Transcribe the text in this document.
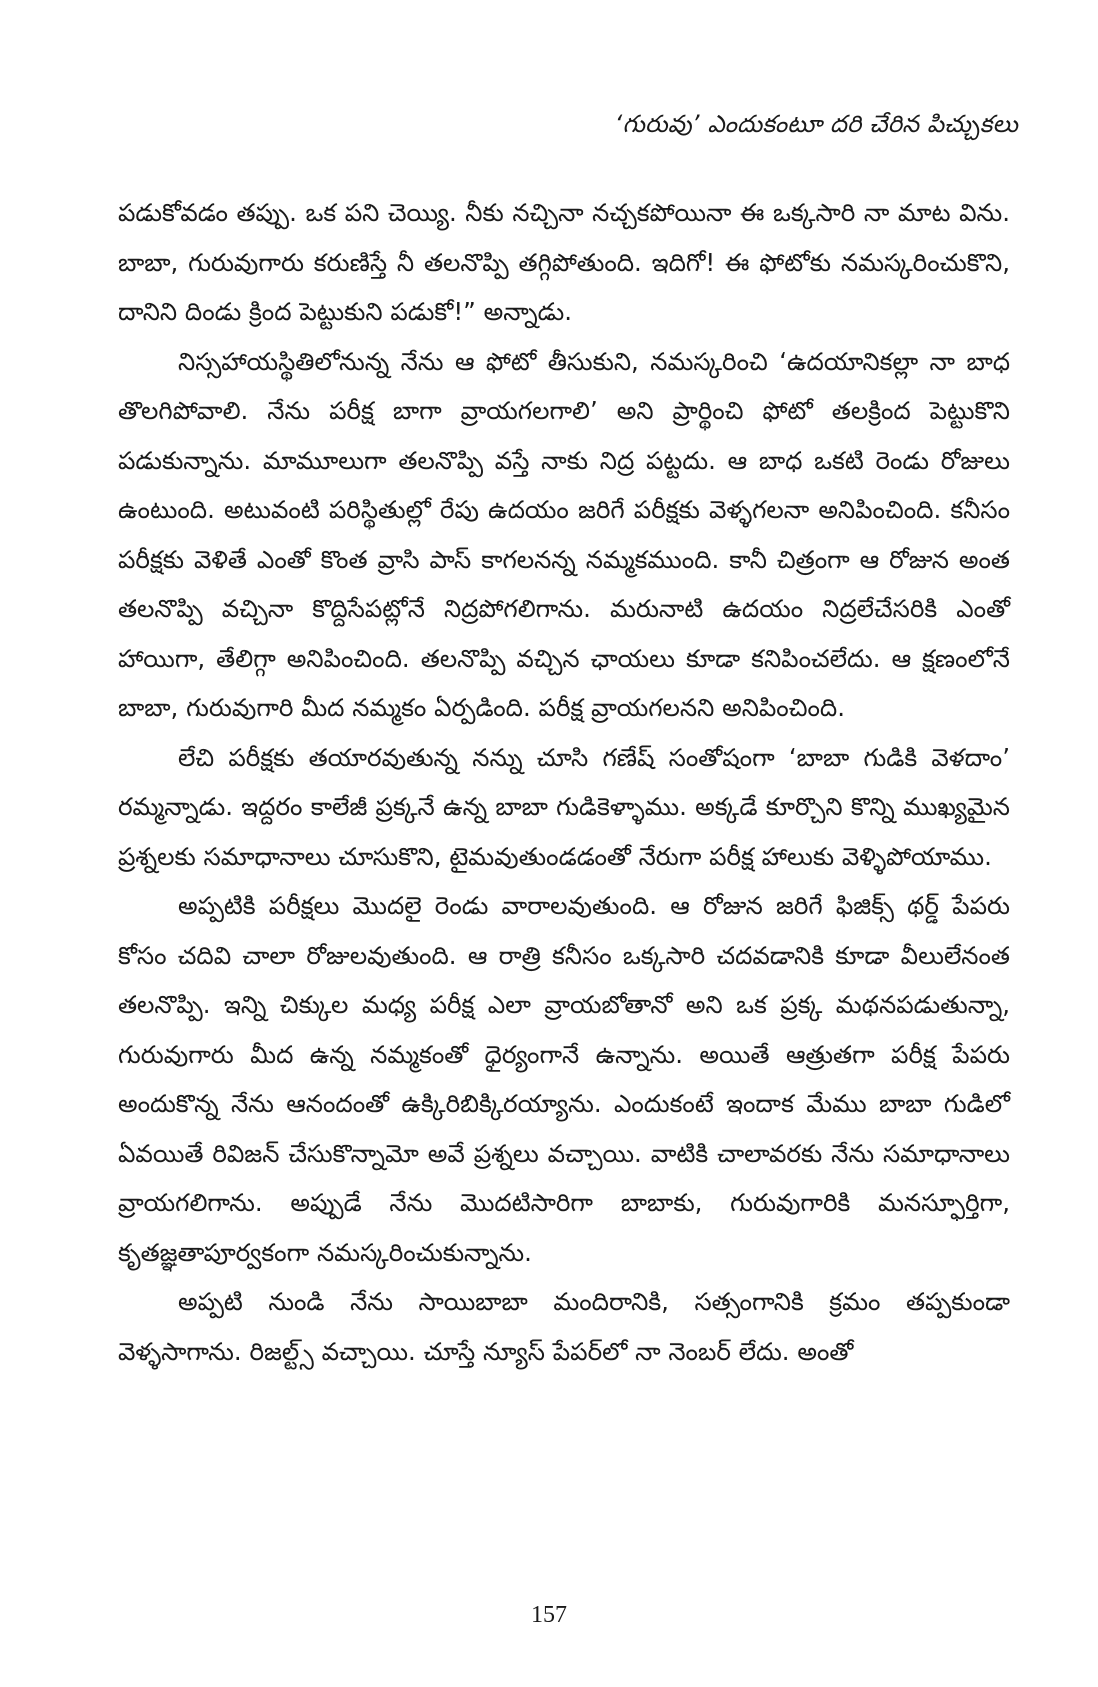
‘గురువు’ ఎందుకంటూ దరి చేరిన పిచ్చుకలు

పడుకోవడం తప్పు. ఒక పని చెయ్యి. నీకు నచ్చినా నచ్చకపోయినా ఈ ఒక్కసారి నా మాట విను. బాబా, గురువుగారు కరుణిస్తే నీ తలనొప్పి తగ్గిపోతుంది. ఇదిగో! ఈ ఫోటోకు నమస్కరించుకొని, దానిని దిండు క్రింద పెట్టుకుని పడుకో!” అన్నాడు.

నిస్సహాయస్థితిలోనున్న నేను ఆ ఫోటో తీసుకుని, నమస్కరించి ‘ఉదయానికల్లా నా బాధ తొలగిపోవాలి. నేను పరీక్ష బాగా వ్రాయగలగాలి’ అని ప్రార్థించి ఫోటో తలక్రింద పెట్టుకొని పడుకున్నాను. మామూలుగా తలనొప్పి వస్తే నాకు నిద్ర పట్టదు. ఆ బాధ ఒకటి రెండు రోజులు ఉంటుంది. అటువంటి పరిస్థితుల్లో రేపు ఉదయం జరిగే పరీక్షకు వెళ్ళగలనా అనిపించింది. కనీసం పరీక్షకు వెళితే ఎంతో కొంత వ్రాసి పాస్ కాగలనన్న నమ్మకముంది. కానీ చిత్రంగా ఆ రోజున అంత తలనొప్పి వచ్చినా కొద్దిసేపట్లోనే నిద్రపోగలిగాను. మరునాటి ఉదయం నిద్రలేచేసరికి ఎంతో హాయిగా, తేలిగ్గా అనిపించింది. తలనొప్పి వచ్చిన ఛాయలు కూడా కనిపించలేదు. ఆ క్షణంలోనే బాబా, గురువుగారి మీద నమ్మకం ఏర్పడింది. పరీక్ష వ్రాయగలనని అనిపించింది.

లేచి పరీక్షకు తయారవుతున్న నన్ను చూసి గణేష్ సంతోషంగా ‘బాబా గుడికి వెళదాం’ రమ్మన్నాడు. ఇద్దరం కాలేజీ ప్రక్కనే ఉన్న బాబా గుడికెళ్ళాము. అక్కడే కూర్చొని కొన్ని ముఖ్యమైన ప్రశ్నలకు సమాధానాలు చూసుకొని, టైమవుతుండడంతో నేరుగా పరీక్ష హాలుకు వెళ్ళిపోయాము.

అప్పటికి పరీక్షలు మొదలై రెండు వారాలవుతుంది. ఆ రోజున జరిగే ఫిజిక్స్ థర్డ్ పేపరు కోసం చదివి చాలా రోజులవుతుంది. ఆ రాత్రి కనీసం ఒక్కసారి చదవడానికి కూడా వీలులేనంత తలనొప్పి. ఇన్ని చిక్కుల మధ్య పరీక్ష ఎలా వ్రాయబోతానో అని ఒక ప్రక్క మథనపడుతున్నా, గురువుగారు మీద ఉన్న నమ్మకంతో ధైర్యంగానే ఉన్నాను. అయితే ఆత్రుతగా పరీక్ష పేపరు అందుకొన్న నేను ఆనందంతో ఉక్కిరిబిక్కిరయ్యాను. ఎందుకంటే ఇందాక మేము బాబా గుడిలో ఏవయితే రివిజన్ చేసుకొన్నామో అవే ప్రశ్నలు వచ్చాయి. వాటికి చాలావరకు నేను సమాధానాలు వ్రాయగలిగాను. అప్పుడే నేను మొదటిసారిగా బాబాకు, గురువుగారికి మనస్ఫూర్తిగా, కృతజ్ఞతాపూర్వకంగా నమస్కరించుకున్నాను.

అప్పటి నుండి నేను సాయిబాబా మందిరానికి, సత్సంగానికి క్రమం తప్పకుండా వెళ్ళసాగాను. రిజల్ట్స్ వచ్చాయి. చూస్తే న్యూస్ పేపర్‌లో నా నెంబర్ లేదు. అంతో

157
